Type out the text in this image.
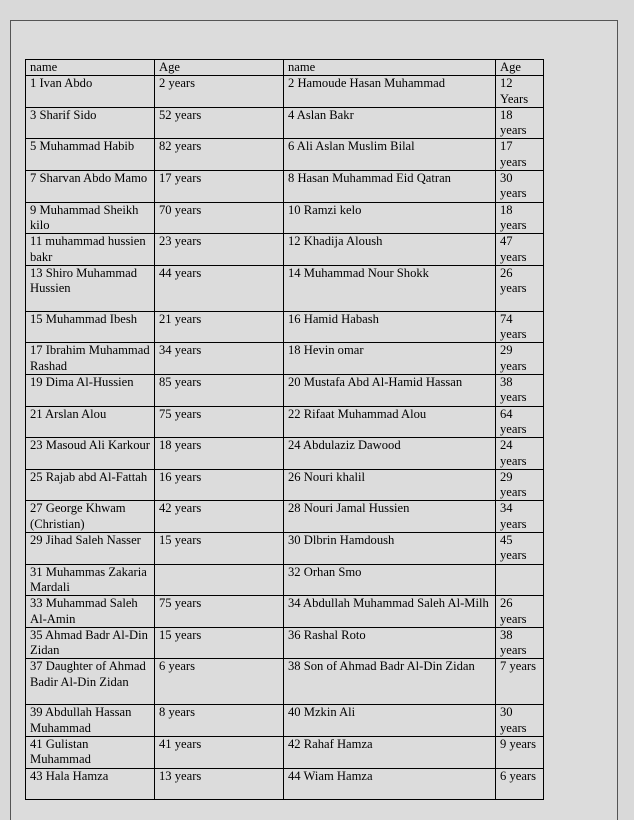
name	Age	name	Age
1 Ivan Abdo	2 years	2 Hamoude Hasan Muhammad	12 Years
3 Sharif Sido	52 years	4 Aslan Bakr	18 years
5 Muhammad Habib	82 years	6 Ali Aslan Muslim Bilal	17 years
7 Sharvan Abdo Mamo	17 years	8 Hasan Muhammad Eid Qatran	30 years
9 Muhammad Sheikh kilo	70 years	10 Ramzi kelo	18 years
11 muhammad hussien bakr	23 years	12 Khadija Aloush	47 years
13 Shiro Muhammad Hussien	44 years	14 Muhammad Nour Shokk	26 years
15 Muhammad Ibesh	21 years	16 Hamid Habash	74 years
17 Ibrahim Muhammad Rashad	34 years	18 Hevin omar	29 years
19 Dima Al-Hussien	85 years	20 Mustafa Abd Al-Hamid Hassan	38 years
21 Arslan Alou	75 years	22 Rifaat Muhammad Alou	64 years
23 Masoud Ali Karkour	18 years	24 Abdulaziz Dawood	24 years
25 Rajab abd Al-Fattah	16 years	26 Nouri khalil	29 years
27 George Khwam (Christian)	42 years	28 Nouri Jamal Hussien	34 years
29 Jihad Saleh Nasser	15 years	30 Dlbrin Hamdoush	45 years
31 Muhammas Zakaria Mardali		32 Orhan Smo	
33 Muhammad Saleh Al-Amin	75 years	34 Abdullah Muhammad Saleh Al-Milh	26 years
35 Ahmad Badr Al-Din Zidan	15 years	36 Rashal Roto	38 years
37 Daughter of Ahmad Badir Al-Din Zidan	6 years	38 Son of Ahmad Badr Al-Din Zidan	7 years
39 Abdullah Hassan Muhammad	8 years	40 Mzkin Ali	30 years
41 Gulistan Muhammad	41 years	42 Rahaf Hamza	9 years
43 Hala Hamza	13 years	44 Wiam Hamza	6 years
